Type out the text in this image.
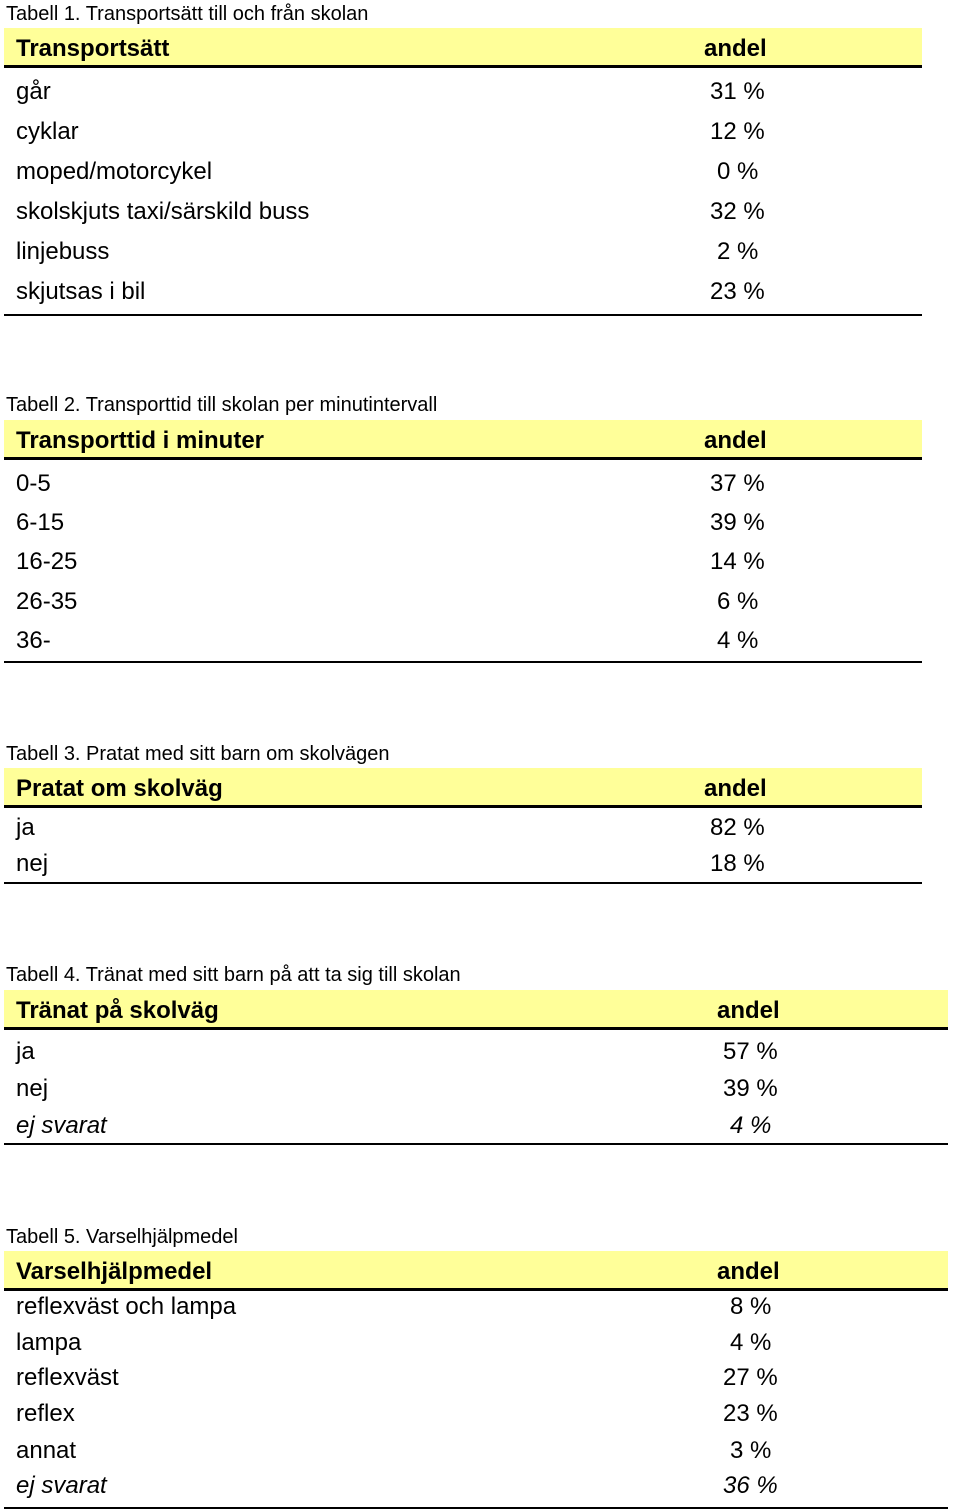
Tabell 1. Transportsätt till och från skolan
Transportsätt	andel
går	31 %
cyklar	12 %
moped/motorcykel	0 %
skolskjuts taxi/särskild buss	32 %
linjebuss	2 %
skjutsas i bil	23 %
Tabell 2. Transporttid till skolan per minutintervall
Transporttid i minuter	andel
0-5	37 %
6-15	39 %
16-25	14 %
26-35	6 %
36-	4 %
Tabell 3. Pratat med sitt barn om skolvägen
Pratat om skolväg	andel
ja	82 %
nej	18 %
Tabell 4. Tränat med sitt barn på att ta sig till skolan
Tränat på skolväg	andel
ja	57 %
nej	39 %
ej svarat	4 %
Tabell 5. Varselhjälpmedel
Varselhjälpmedel	andel
reflexväst och lampa	8 %
lampa	4 %
reflexväst	27 %
reflex	23 %
annat	3 %
ej svarat	36 %
